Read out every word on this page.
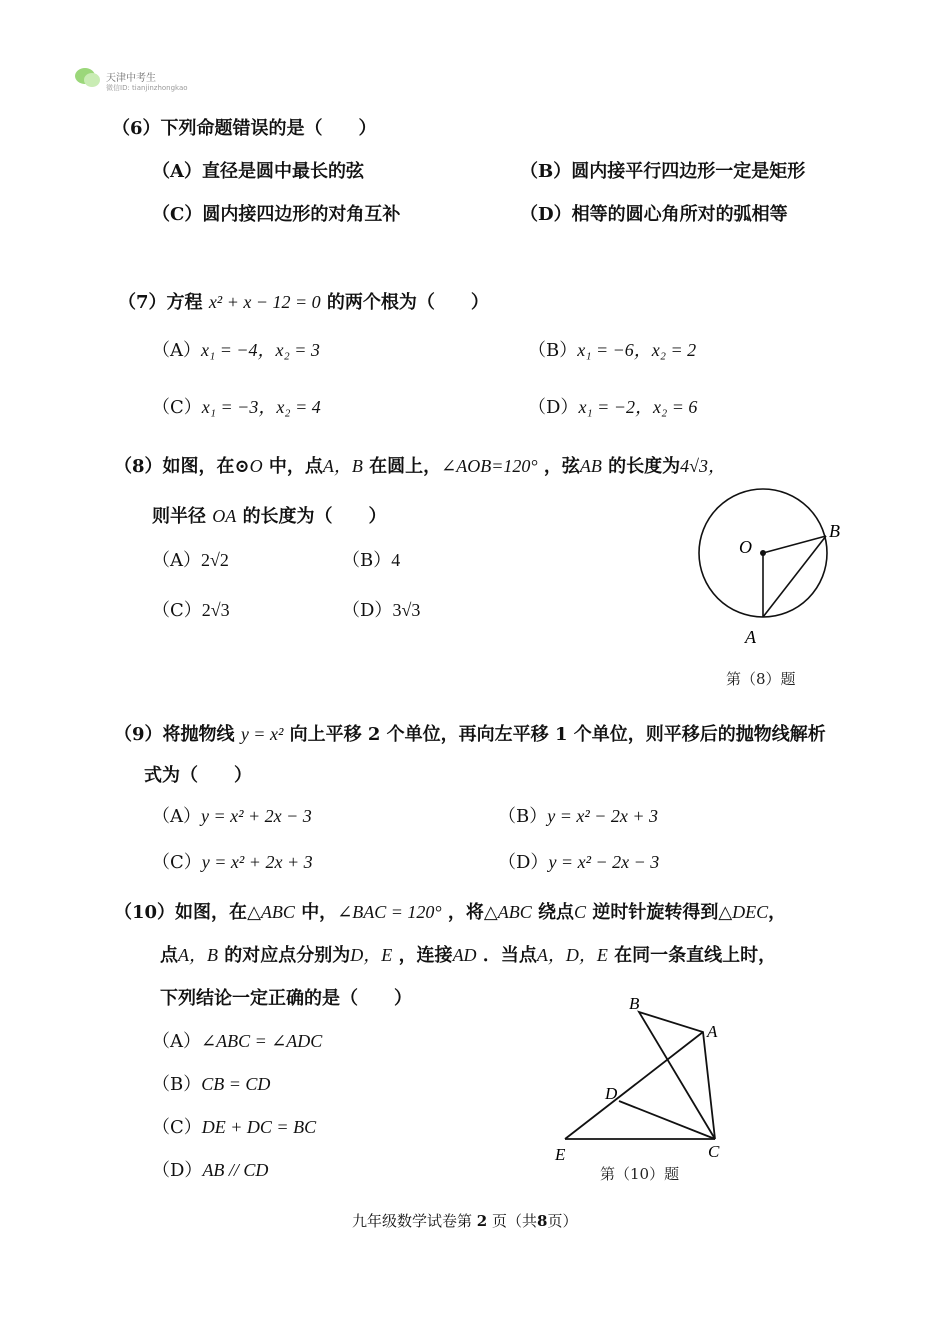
天津中考生
微信ID: tianjinzhongkao
（6）下列命题错误的是（　　）
（A）直径是圆中最长的弦	（B）圆内接平行四边形一定是矩形
（C）圆内接四边形的对角互补	（D）相等的圆心角所对的弧相等
（7）方程 x² + x − 12 = 0 的两个根为（　　）
（A）x₁ = −4，x₂ = 3	（B）x₁ = −6，x₂ = 2
（C）x₁ = −3，x₂ = 4	（D）x₁ = −2，x₂ = 6
（8）如图，在⊙O 中，点A，B 在圆上，∠AOB=120° ，弦AB 的长度为4√3，
则半径 OA 的长度为（　　）
（A）2√2	（B）4
（C）2√3	（D）3√3
O
B
A
第（8）题
（9）将抛物线 y = x² 向上平移 2 个单位，再向左平移 1 个单位，则平移后的抛物线解析
式为（　　）
（A）y = x² + 2x − 3	（B）y = x² − 2x + 3
（C）y = x² + 2x + 3	（D）y = x² − 2x − 3
（10）如图，在△ABC 中，∠BAC = 120° ，将△ABC 绕点C 逆时针旋转得到△DEC，
点A，B 的对应点分别为D，E ，连接AD ．当点A，D，E 在同一条直线上时，
下列结论一定正确的是（　　）
（A）∠ABC = ∠ADC
（B）CB = CD
（C）DE + DC = BC
（D）AB // CD
B
A
D
E	C
第（10）题
九年级数学试卷第 2 页（共8页）
